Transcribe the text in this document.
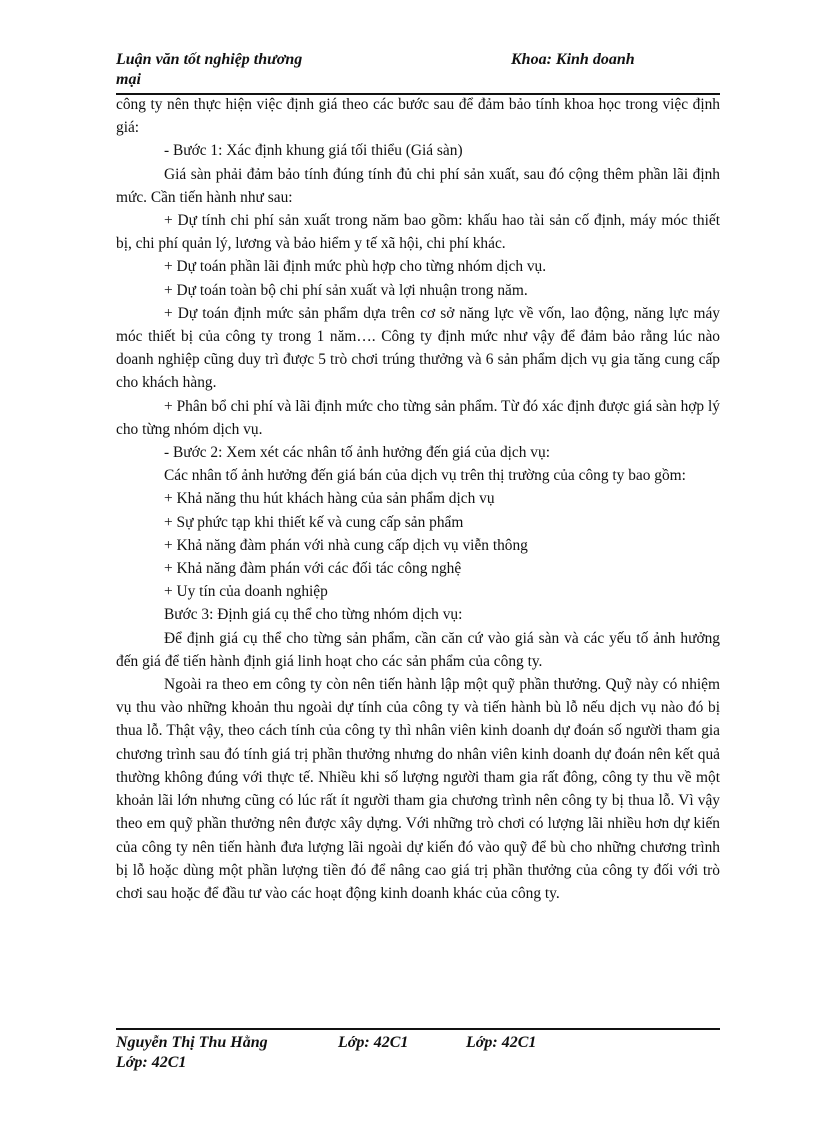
Luận văn tốt nghiệp thương mại
Khoa: Kinh doanh

công ty nên thực hiện việc định giá theo các bước sau để đảm bảo tính khoa học trong việc định giá:

- Bước 1: Xác định khung giá tối thiểu (Giá sàn)

Giá sàn phải đảm bảo tính đúng tính đủ chi phí sản xuất, sau đó cộng thêm phần lãi định mức. Cần tiến hành như sau:

+ Dự tính chi phí sản xuất trong năm bao gồm: khấu hao tài sản cố định, máy móc thiết bị, chi phí quản lý, lương và bảo hiểm y tế xã hội, chi phí khác.

+ Dự toán phần lãi định mức phù hợp cho từng nhóm dịch vụ.

+ Dự toán toàn bộ chi phí sản xuất và lợi nhuận trong năm.

+ Dự toán định mức sản phẩm dựa trên cơ sở năng lực về vốn, lao động, năng lực máy móc thiết bị của công ty trong 1 năm…. Công ty định mức như vậy để đảm bảo rằng lúc nào doanh nghiệp cũng duy trì được 5 trò chơi trúng thưởng và 6 sản phẩm dịch vụ gia tăng cung cấp cho khách hàng.

+ Phân bổ chi phí và lãi định mức cho từng sản phẩm. Từ đó xác định được giá sàn hợp lý cho từng nhóm dịch vụ.

- Bước 2: Xem xét các nhân tố ảnh hưởng đến giá của dịch vụ:

Các nhân tố ảnh hưởng đến giá bán của dịch vụ trên thị trường của công ty bao gồm:

+ Khả năng thu hút khách hàng của sản phẩm dịch vụ

+ Sự phức tạp khi thiết kế và cung cấp sản phẩm

+ Khả năng đàm phán với nhà cung cấp dịch vụ viễn thông

+ Khả năng đàm phán với các đối tác công nghệ

+ Uy tín của doanh nghiệp

Bước 3: Định giá cụ thể cho từng nhóm dịch vụ:

Để định giá cụ thể cho từng sản phẩm, cần căn cứ vào giá sàn và các yếu tố ảnh hưởng đến giá để tiến hành định giá linh hoạt cho các sản phẩm của công ty.

Ngoài ra theo em công ty còn nên tiến hành lập một quỹ phần thưởng. Quỹ này có nhiệm vụ thu vào những khoản thu ngoài dự tính của công ty và tiến hành bù lỗ nếu dịch vụ nào đó bị thua lỗ. Thật vậy, theo cách tính của công ty thì nhân viên kinh doanh dự đoán số người tham gia chương trình sau đó tính giá trị phần thưởng nhưng do nhân viên kinh doanh dự đoán nên kết quả thường không đúng với thực tế. Nhiều khi số lượng người tham gia rất đông, công ty thu về một khoản lãi lớn nhưng cũng có lúc rất ít người tham gia chương trình nên công ty bị thua lỗ. Vì vậy theo em quỹ phần thưởng nên được xây dựng. Với những trò chơi có lượng lãi nhiều hơn dự kiến của công ty nên tiến hành đưa lượng lãi ngoài dự kiến đó vào quỹ để bù cho những chương trình bị lỗ hoặc dùng một phần lượng tiền đó để nâng cao giá trị phần thưởng của công ty đối với trò chơi sau hoặc để đầu tư vào các hoạt động kinh doanh khác của công ty.

Nguyễn Thị Thu Hằng	Lớp: 42C1	Lớp: 42C1
Lớp: 42C1
